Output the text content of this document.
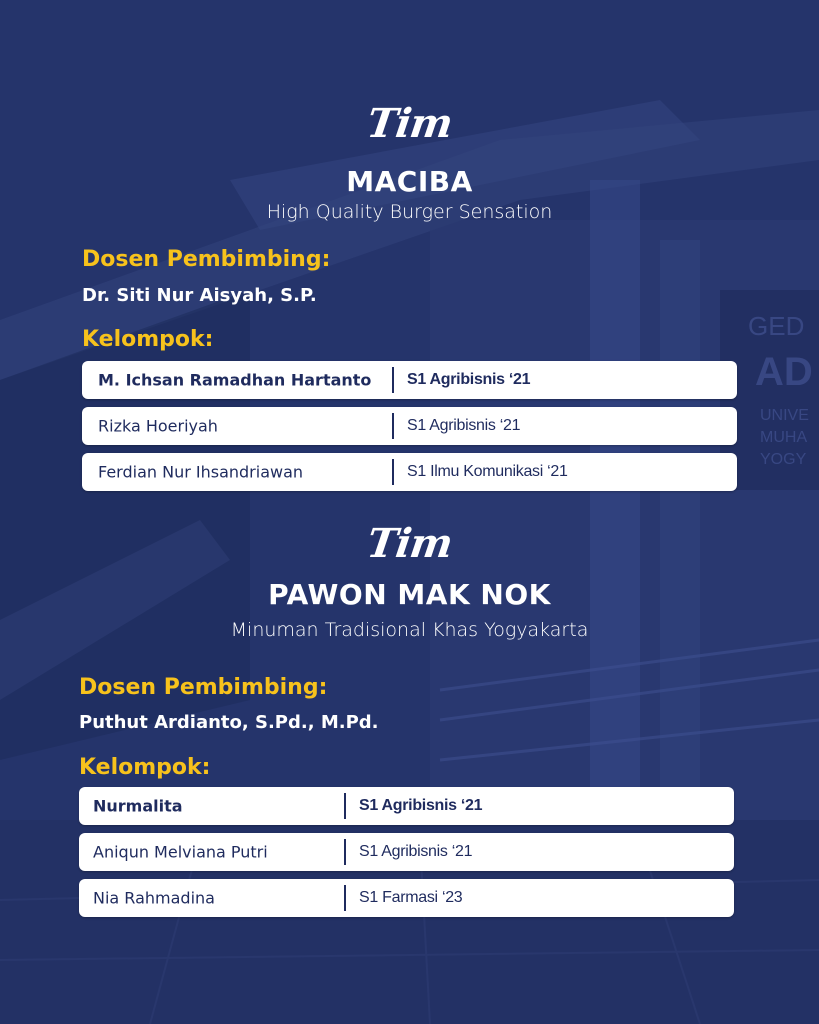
GED
AD
UNIVE
MUHA
YOGY
Tim
MACIBA
High Quality Burger Sensation
Dosen Pembimbing:
Dr. Siti Nur Aisyah, S.P.
Kelompok:
M. Ichsan Ramadhan Hartanto S1 Agribisnis ‘21
Rizka Hoeriyah	S1 Agribisnis ‘21
Ferdian Nur Ihsandriawan	S1 Ilmu Komunikasi ‘21
Tim
PAWON MAK NOK
Minuman Tradisional Khas Yogyakarta
Dosen Pembimbing:
Puthut Ardianto, S.Pd., M.Pd.
Kelompok:
Nurmalita	S1 Agribisnis ‘21
Aniqun Melviana Putri	S1 Agribisnis ‘21
Nia Rahmadina	S1 Farmasi ‘23
